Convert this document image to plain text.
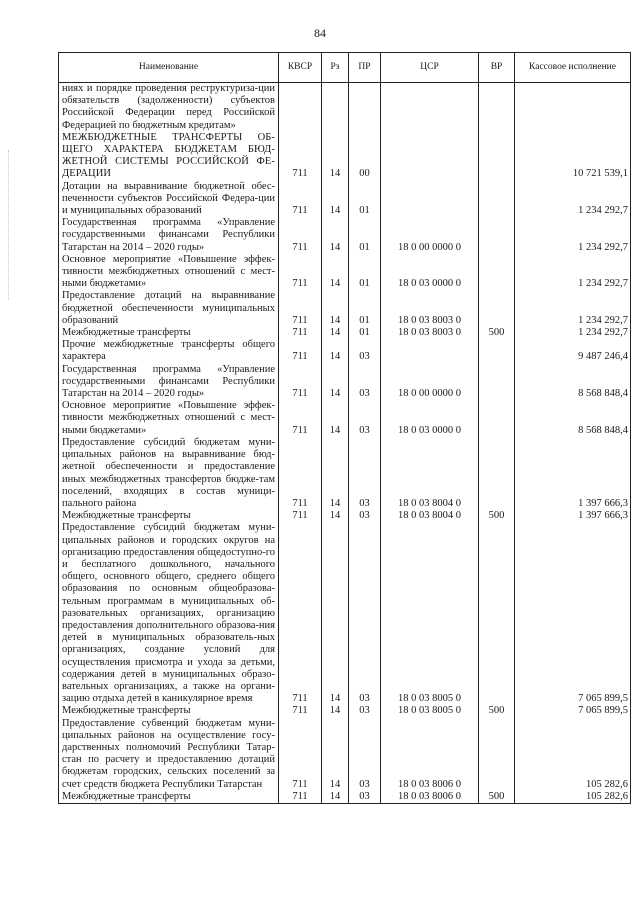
84
Наименование	КВСР	Рз	ПР	ЦСР	ВР	Кассовое исполнение
ниях и порядке проведения реструктуриза-ции обязательств (задолженности) субъектов Российской Федерации перед Российской Федерацией по бюджетным кредитам»						
МЕЖБЮДЖЕТНЫЕ ТРАНСФЕРТЫ ОБ-ЩЕГО ХАРАКТЕРА БЮДЖЕТАМ БЮД-ЖЕТНОЙ СИСТЕМЫ РОССИЙСКОЙ ФЕ-ДЕРАЦИИ	711	14	00			10 721 539,1
Дотации на выравнивание бюджетной обес-печенности субъектов Российской Федера-ции и муниципальных образований	711	14	01			1 234 292,7
Государственная программа «Управление государственными финансами Республики Татарстан на 2014 – 2020 годы»	711	14	01	18 0 00 0000 0		1 234 292,7
Основное мероприятие «Повышение эффек-тивности межбюджетных отношений с мест-ными бюджетами»	711	14	01	18 0 03 0000 0		1 234 292,7
Предоставление дотаций на выравнивание бюджетной обеспеченности муниципальных образований	711	14	01	18 0 03 8003 0		1 234 292,7
Межбюджетные трансферты	711	14	01	18 0 03 8003 0	500	1 234 292,7
Прочие межбюджетные трансферты общего характера	711	14	03			9 487 246,4
Государственная программа «Управление государственными финансами Республики Татарстан на 2014 – 2020 годы»	711	14	03	18 0 00 0000 0		8 568 848,4
Основное мероприятие «Повышение эффек-тивности межбюджетных отношений с мест-ными бюджетами»	711	14	03	18 0 03 0000 0		8 568 848,4
Предоставление субсидий бюджетам муни-ципальных районов на выравнивание бюд-жетной обеспеченности и предоставление иных межбюджетных трансфертов бюдже-там поселений, входящих в состав муници-пального района	711	14	03	18 0 03 8004 0		1 397 666,3
Межбюджетные трансферты	711	14	03	18 0 03 8004 0	500	1 397 666,3
Предоставление субсидий бюджетам муни-ципальных районов и городских округов на организацию предоставления общедоступно-го и бесплатного дошкольного, начального общего, основного общего, среднего общего образования по основным общеобразова-тельным программам в муниципальных об-разовательных организациях, организацию предоставления дополнительного образова-ния детей в муниципальных образователь-ных организациях, создание условий для осуществления присмотра и ухода за детьми, содержания детей в муниципальных образо-вательных организациях, а также на органи-зацию отдыха детей в каникулярное время	711	14	03	18 0 03 8005 0		7 065 899,5
Межбюджетные трансферты	711	14	03	18 0 03 8005 0	500	7 065 899,5
Предоставление субвенций бюджетам муни-ципальных районов на осуществление госу-дарственных полномочий Республики Татар-стан по расчету и предоставлению дотаций бюджетам городских, сельских поселений за счет средств бюджета Республики Татарстан	711	14	03	18 0 03 8006 0		105 282,6
Межбюджетные трансферты	711	14	03	18 0 03 8006 0	500	105 282,6
